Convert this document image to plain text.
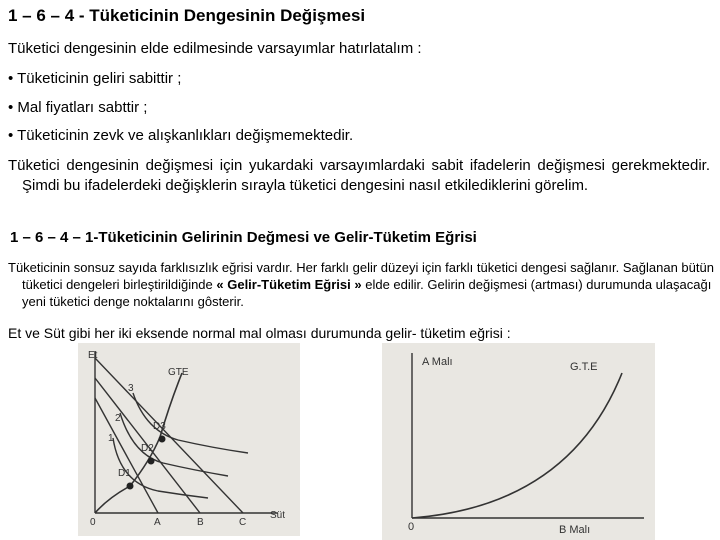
1 – 6 – 4 - Tüketicinin Dengesinin Değişmesi
Tüketici dengesinin elde edilmesinde varsayımlar hatırlatalım :
• Tüketicinin geliri sabittir ;
• Mal fiyatları sabttir ;
• Tüketicinin zevk ve alışkanlıkları değişmemektedir.
Tüketici dengesinin değişmesi için yukardaki varsayımlardaki sabit ifadelerin değişmesi gerekmektedir. Şimdi bu ifadelerdeki değişklerin sırayla tüketici dengesini nasıl etkilediklerini görelim.
1 – 6 – 4 – 1-Tüketicinin Gelirinin Değmesi ve Gelir-Tüketim Eğrisi
Tüketicinin sonsuz sayıda farklısızlık eğrisi vardır. Her farklı gelir düzeyi için farklı tüketici dengesi sağlanır. Sağlanan bütün tüketici dengeleri birleştirildiğinde « Gelir-Tüketim Eğrisi » elde edilir. Gelirin değişmesi (artması) durumunda ulaşacağı yeni tüketici denge noktalarını gôsterir.
Et ve Süt gibi her iki eksende normal mal olması durumunda gelir- tüketim eğrisi :
Et
Süt
GTE
0	A	B	C
1
2
3
D1
D2
D3
A Malı
B Malı
G.T.E
0
